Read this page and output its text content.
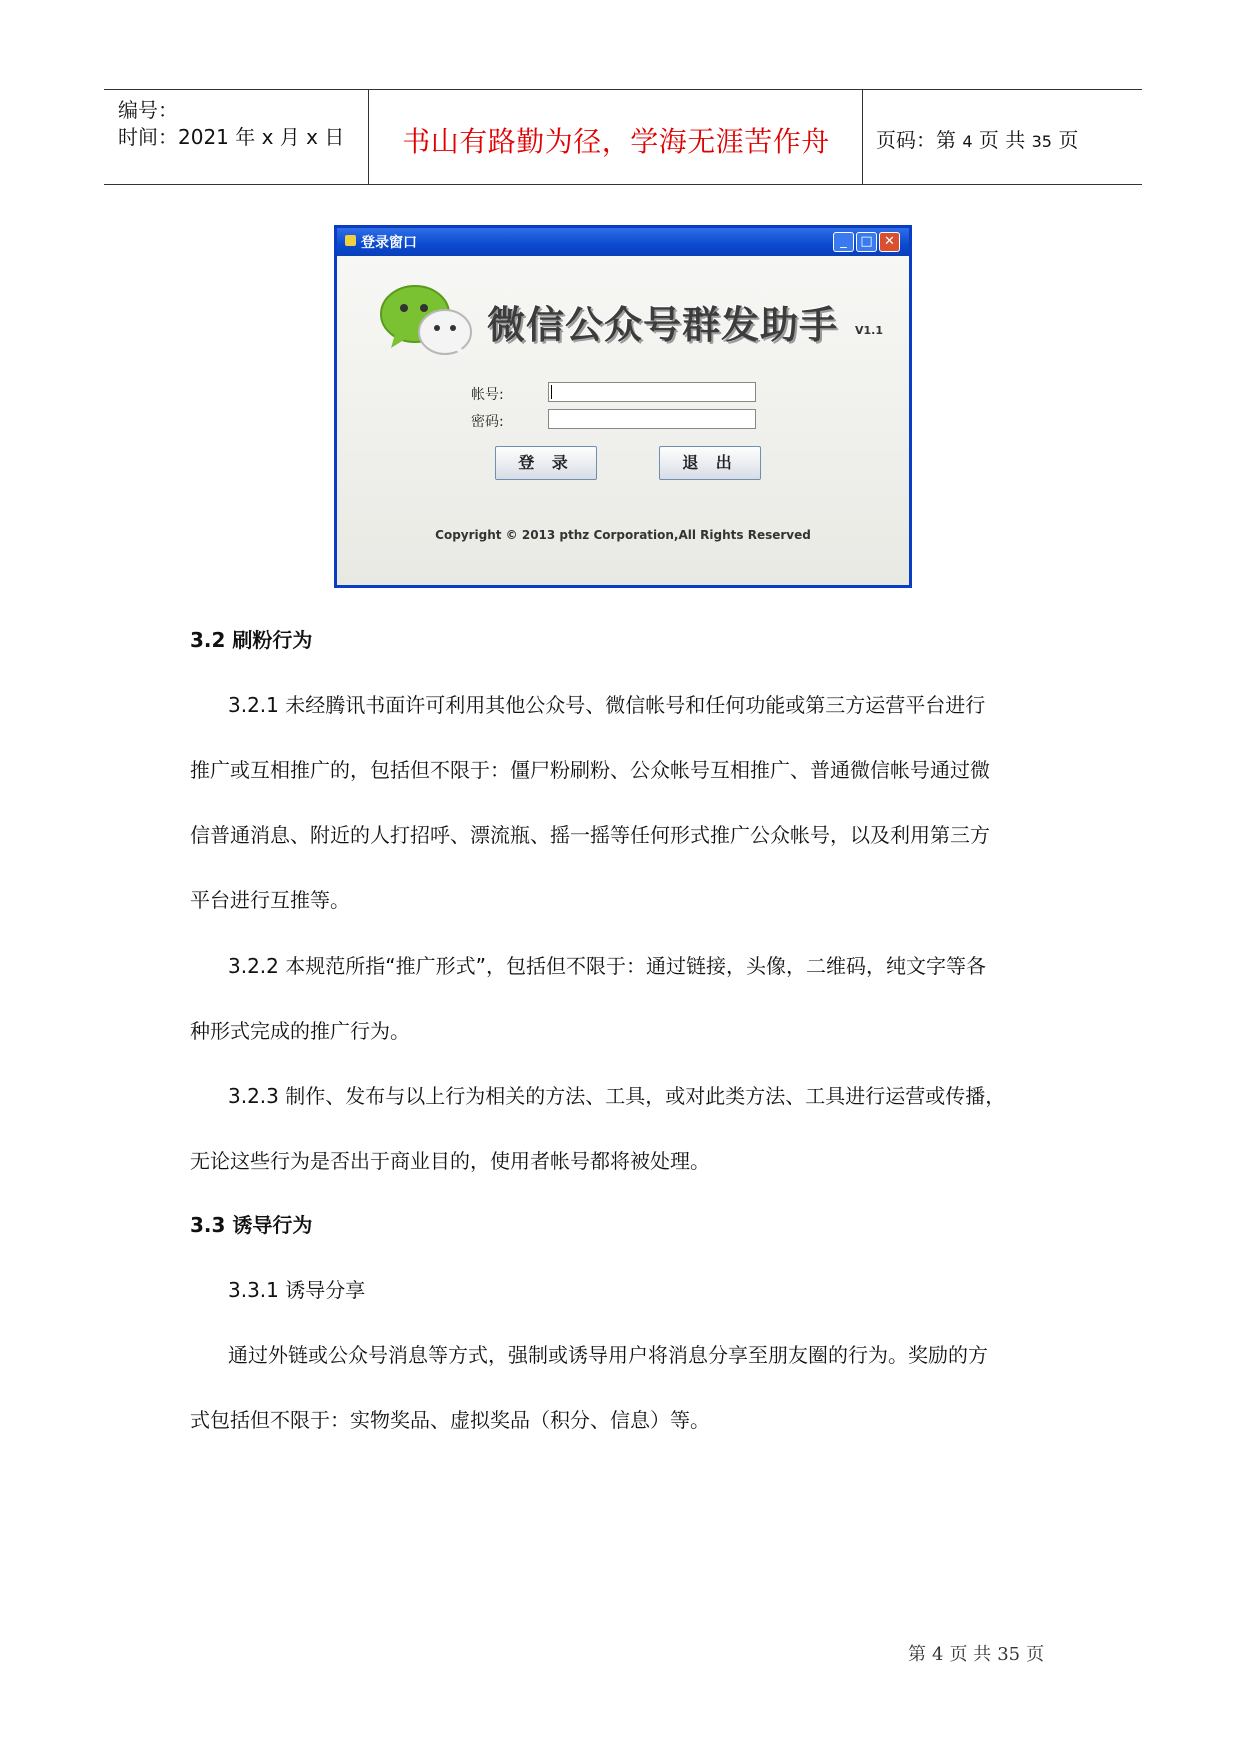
编号：
时间：2021 年 x 月 x 日	书山有路勤为径，学海无涯苦作舟	页码：第 4 页 共 35 页
登录窗口	_	□ ✕
微信公众号群发助手 V1.1
帐号:
密码:
登 录	退 出
Copyright © 2013 pthz Corporation,All Rights Reserved
3.2 刷粉行为
3.2.1 未经腾讯书面许可利用其他公众号、微信帐号和任何功能或第三方运营平台进行
推广或互相推广的，包括但不限于：僵尸粉刷粉、公众帐号互相推广、普通微信帐号通过微
信普通消息、附近的人打招呼、漂流瓶、摇一摇等任何形式推广公众帐号，以及利用第三方
平台进行互推等。
3.2.2 本规范所指“推广形式”，包括但不限于：通过链接，头像，二维码，纯文字等各
种形式完成的推广行为。
3.2.3 制作、发布与以上行为相关的方法、工具，或对此类方法、工具进行运营或传播，
无论这些行为是否出于商业目的，使用者帐号都将被处理。
3.3 诱导行为
3.3.1 诱导分享
通过外链或公众号消息等方式，强制或诱导用户将消息分享至朋友圈的行为。奖励的方
式包括但不限于：实物奖品、虚拟奖品（积分、信息）等。
第 4 页 共 35 页
